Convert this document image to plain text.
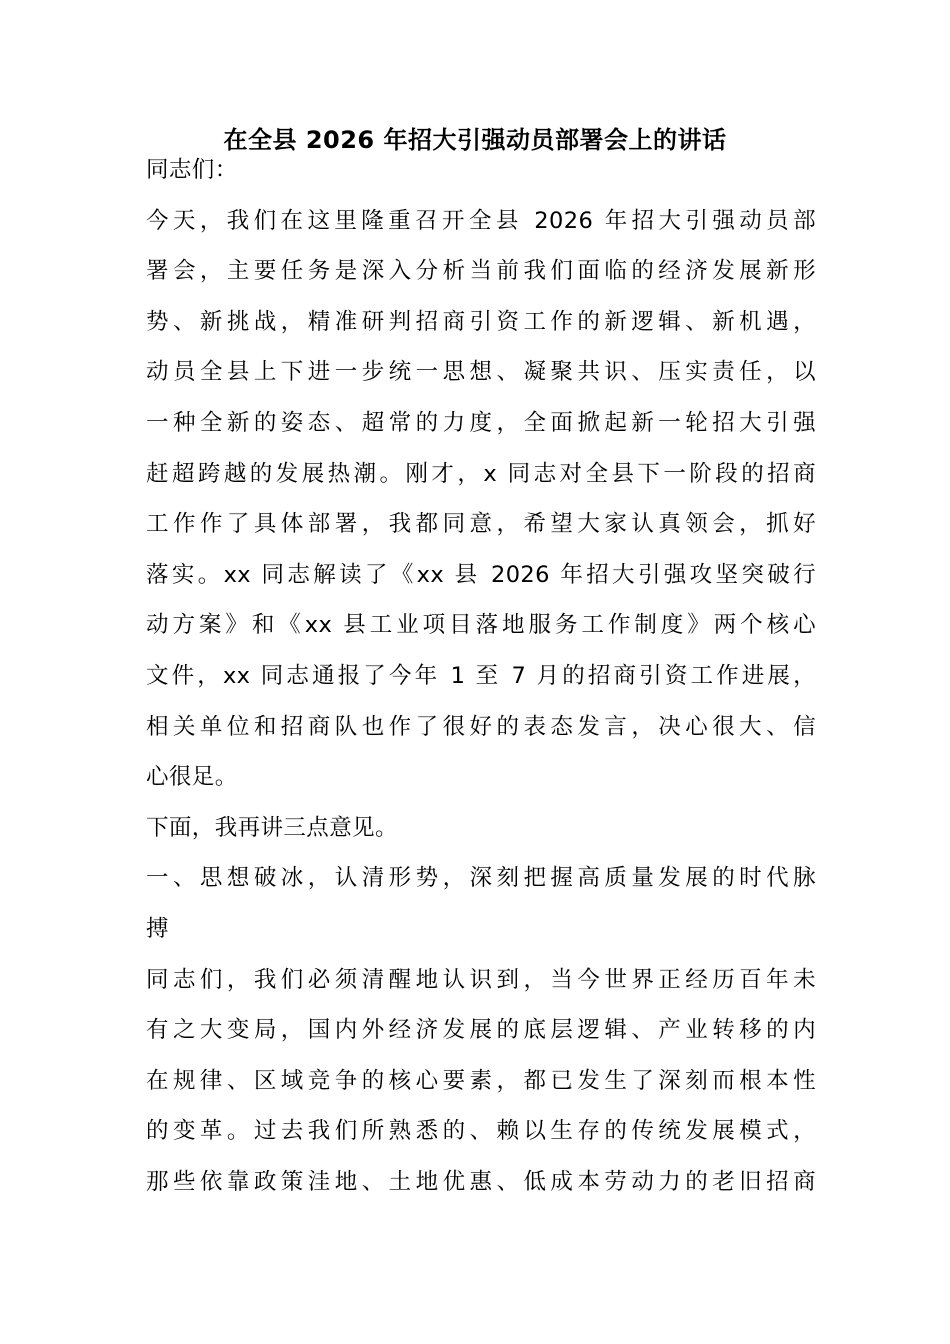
在全县 2026 年招大引强动员部署会上的讲话
同志们：
今天，我们在这里隆重召开全县 2026 年招大引强动员部
署会，主要任务是深入分析当前我们面临的经济发展新形
势、新挑战，精准研判招商引资工作的新逻辑、新机遇，
动员全县上下进一步统一思想、凝聚共识、压实责任，以
一种全新的姿态、超常的力度，全面掀起新一轮招大引强
赶超跨越的发展热潮。刚才，x 同志对全县下一阶段的招商
工作作了具体部署，我都同意，希望大家认真领会，抓好
落实。xx 同志解读了《xx 县 2026 年招大引强攻坚突破行
动方案》和《xx 县工业项目落地服务工作制度》两个核心
文件，xx 同志通报了今年 1 至 7 月的招商引资工作进展，
相关单位和招商队也作了很好的表态发言，决心很大、信
心很足。
下面，我再讲三点意见。
一、思想破冰，认清形势，深刻把握高质量发展的时代脉
搏
同志们，我们必须清醒地认识到，当今世界正经历百年未
有之大变局，国内外经济发展的底层逻辑、产业转移的内
在规律、区域竞争的核心要素，都已发生了深刻而根本性
的变革。过去我们所熟悉的、赖以生存的传统发展模式，
那些依靠政策洼地、土地优惠、低成本劳动力的老旧招商
